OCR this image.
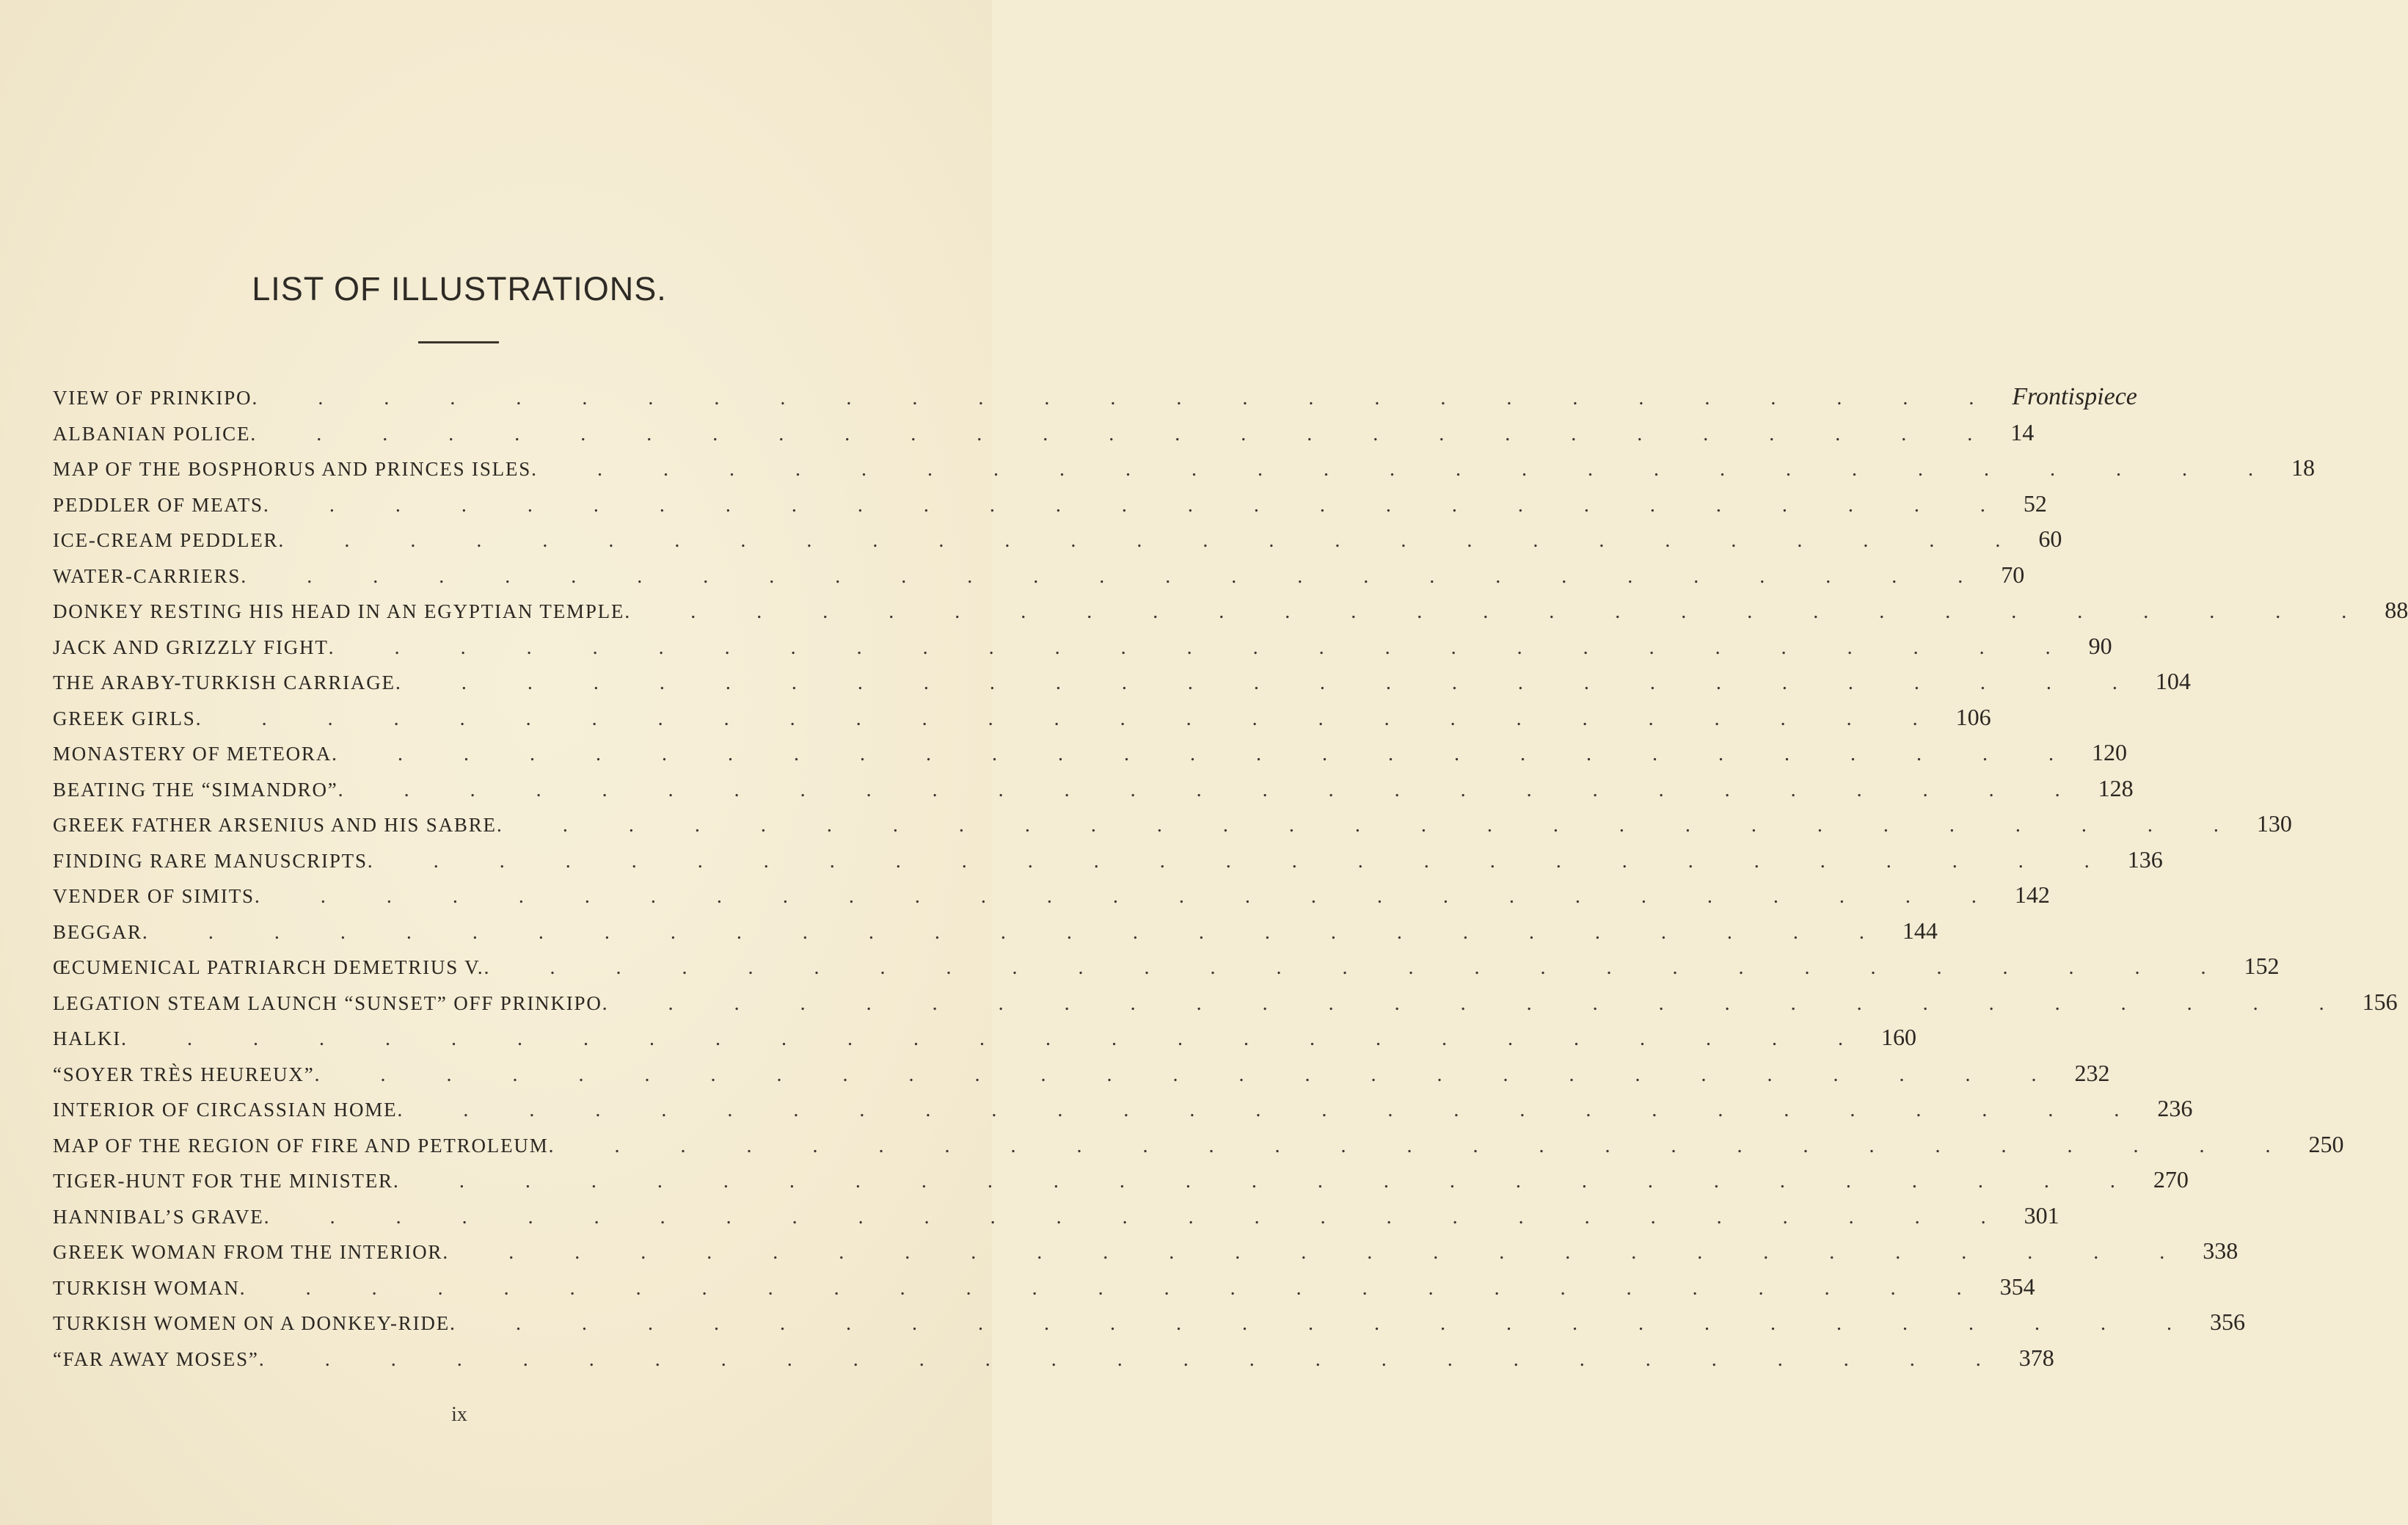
LIST OF ILLUSTRATIONS.
VIEW OF PRINKIPO . . . . . . . . . . . . . . . . . . . . . . . . . . . Frontispiece
ALBANIAN POLICE . . . . . . . . . . . . . . . . . . . . . . . . . . . 14
MAP OF THE BOSPHORUS AND PRINCES ISLES . . . . . . . . . . . . . . . . . . . . . . . . . . . 18
PEDDLER OF MEATS . . . . . . . . . . . . . . . . . . . . . . . . . . . 52
ICE-CREAM PEDDLER . . . . . . . . . . . . . . . . . . . . . . . . . . . 60
WATER-CARRIERS . . . . . . . . . . . . . . . . . . . . . . . . . . . 70
DONKEY RESTING HIS HEAD IN AN EGYPTIAN TEMPLE . . . . . . . . . . . . . . . . . . . . . . . . . . . 88
JACK AND GRIZZLY FIGHT . . . . . . . . . . . . . . . . . . . . . . . . . . . 90
THE ARABY-TURKISH CARRIAGE . . . . . . . . . . . . . . . . . . . . . . . . . . . 104
GREEK GIRLS . . . . . . . . . . . . . . . . . . . . . . . . . . . 106
MONASTERY OF METEORA . . . . . . . . . . . . . . . . . . . . . . . . . . . 120
BEATING THE “SIMANDRO” . . . . . . . . . . . . . . . . . . . . . . . . . . . 128
GREEK FATHER ARSENIUS AND HIS SABRE . . . . . . . . . . . . . . . . . . . . . . . . . . . 130
FINDING RARE MANUSCRIPTS . . . . . . . . . . . . . . . . . . . . . . . . . . . 136
VENDER OF SIMITS . . . . . . . . . . . . . . . . . . . . . . . . . . . 142
BEGGAR . . . . . . . . . . . . . . . . . . . . . . . . . . . 144
ŒCUMENICAL PATRIARCH DEMETRIUS V. . . . . . . . . . . . . . . . . . . . . . . . . . . . 152
LEGATION STEAM LAUNCH “SUNSET” OFF PRINKIPO . . . . . . . . . . . . . . . . . . . . . . . . . . . 156
HALKI . . . . . . . . . . . . . . . . . . . . . . . . . . . 160
“SOYER TRÈS HEUREUX” . . . . . . . . . . . . . . . . . . . . . . . . . . . 232
INTERIOR OF CIRCASSIAN HOME . . . . . . . . . . . . . . . . . . . . . . . . . . . 236
MAP OF THE REGION OF FIRE AND PETROLEUM . . . . . . . . . . . . . . . . . . . . . . . . . . . 250
TIGER-HUNT FOR THE MINISTER . . . . . . . . . . . . . . . . . . . . . . . . . . . 270
HANNIBAL’S GRAVE . . . . . . . . . . . . . . . . . . . . . . . . . . . 301
GREEK WOMAN FROM THE INTERIOR . . . . . . . . . . . . . . . . . . . . . . . . . . . 338
TURKISH WOMAN . . . . . . . . . . . . . . . . . . . . . . . . . . . 354
TURKISH WOMEN ON A DONKEY-RIDE . . . . . . . . . . . . . . . . . . . . . . . . . . . 356
“FAR AWAY MOSES” . . . . . . . . . . . . . . . . . . . . . . . . . . . 378
ix
